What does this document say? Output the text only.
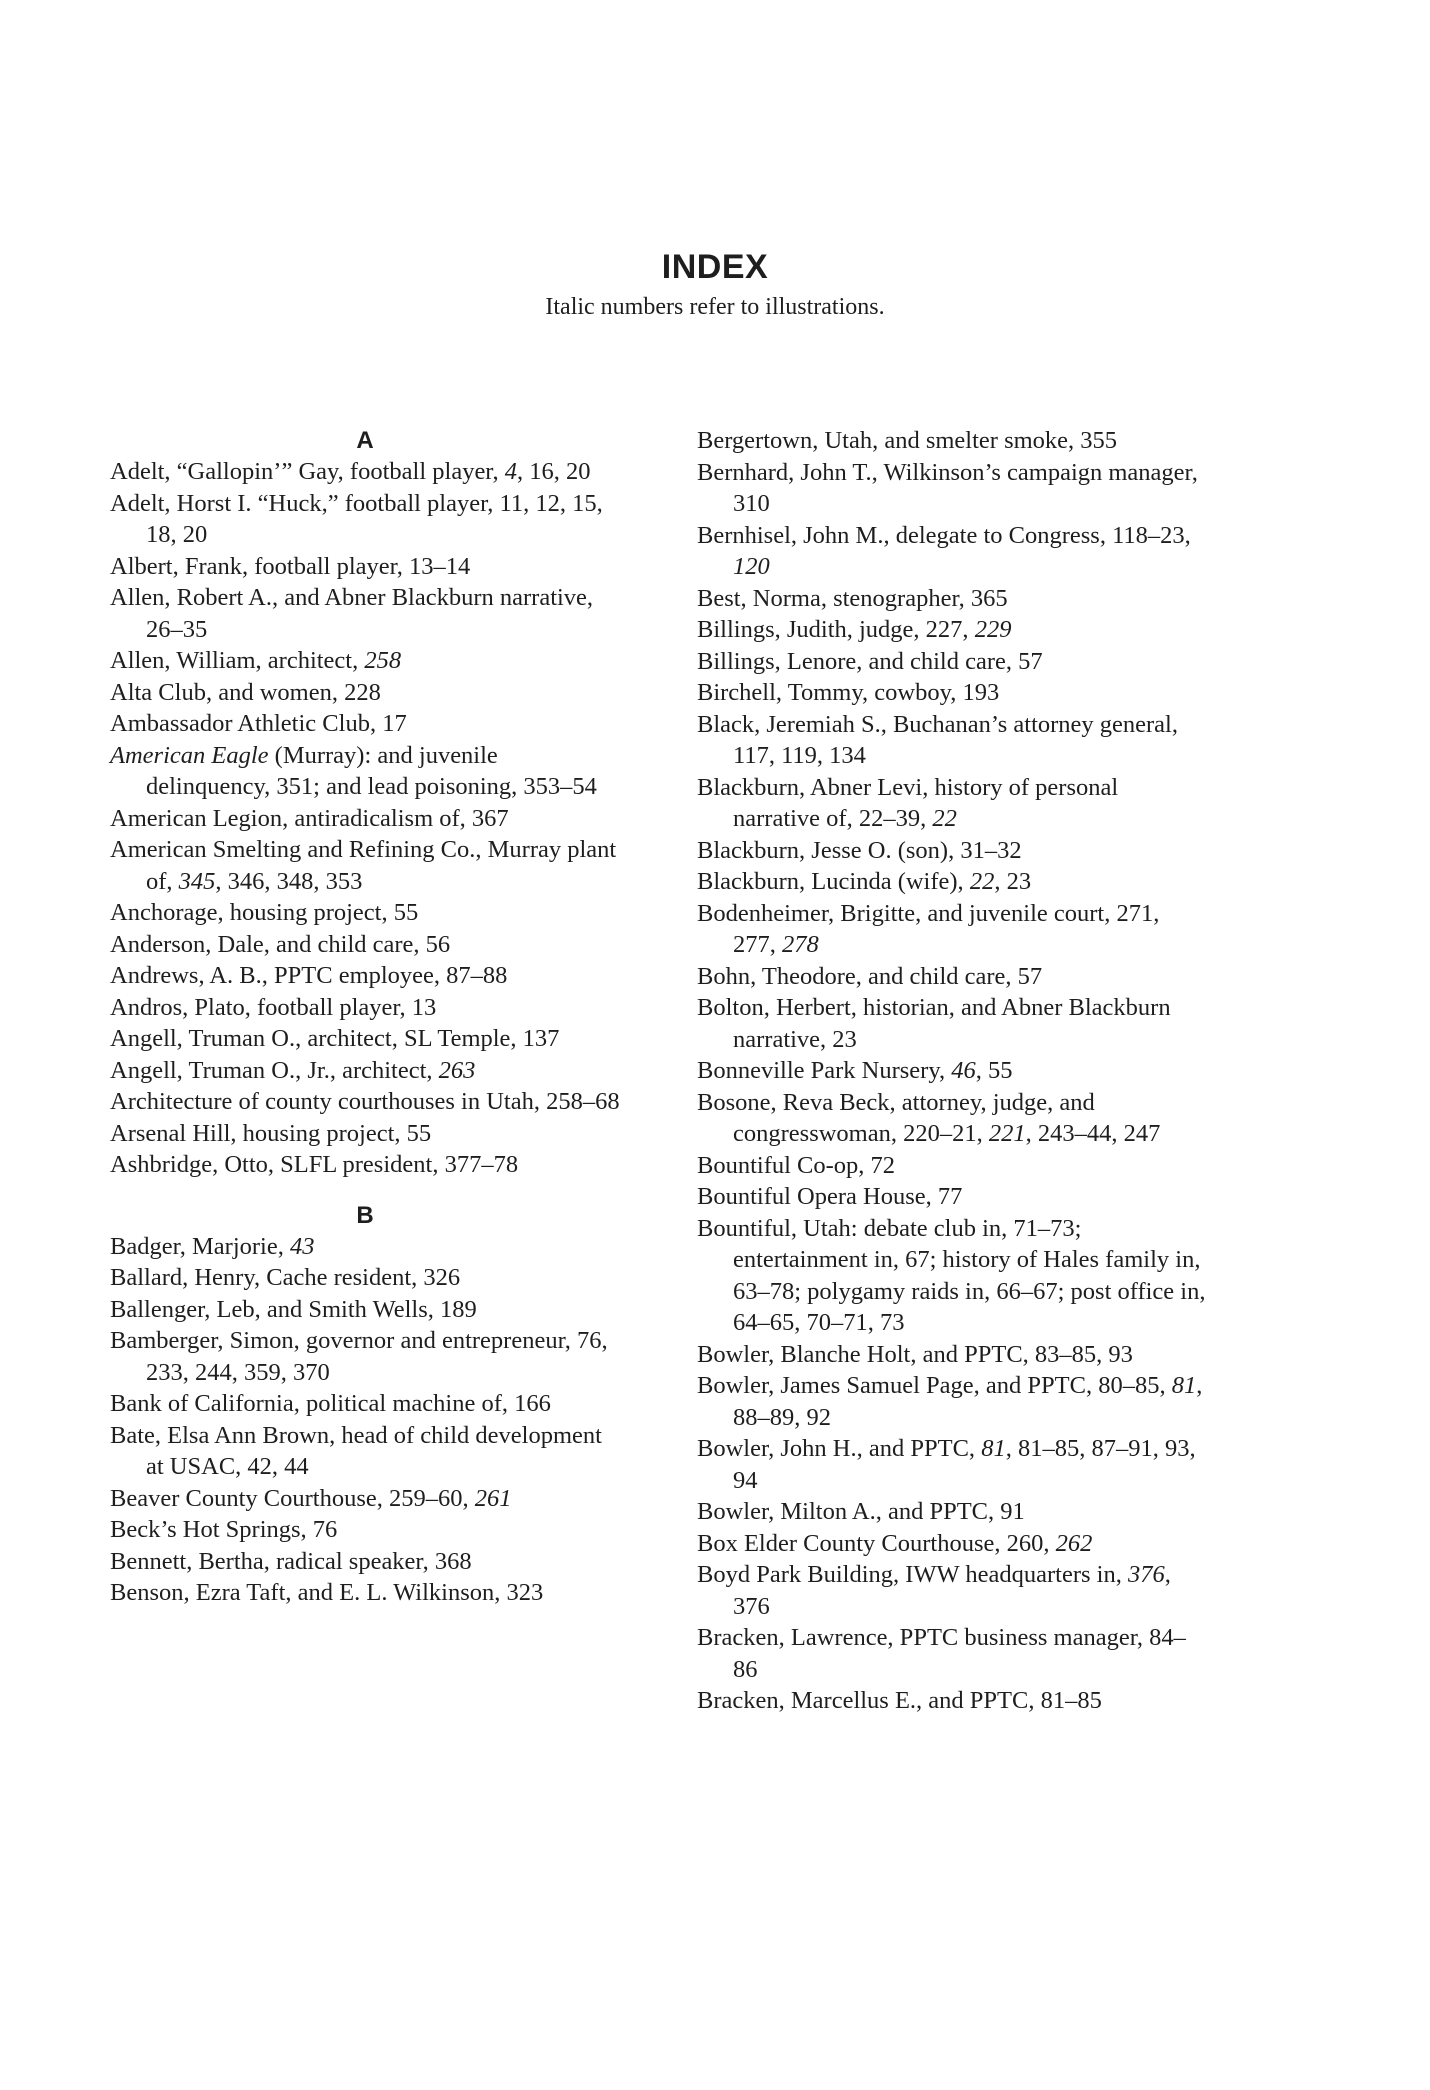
INDEX
Italic numbers refer to illustrations.
A

Adelt, “Gallopin’” Gay, football player, 4, 16, 20

Adelt, Horst I. “Huck,” football player, 11, 12, 15, 18, 20

Albert, Frank, football player, 13–14

Allen, Robert A., and Abner Blackburn narrative, 26–35

Allen, William, architect, 258

Alta Club, and women, 228

Ambassador Athletic Club, 17

American Eagle (Murray): and juvenile delinquency, 351; and lead poisoning, 353–54

American Legion, antiradicalism of, 367

American Smelting and Refining Co., Murray plant of, 345, 346, 348, 353

Anchorage, housing project, 55

Anderson, Dale, and child care, 56

Andrews, A. B., PPTC employee, 87–88

Andros, Plato, football player, 13

Angell, Truman O., architect, SL Temple, 137

Angell, Truman O., Jr., architect, 263

Architecture of county courthouses in Utah, 258–68

Arsenal Hill, housing project, 55

Ashbridge, Otto, SLFL president, 377–78

B

Badger, Marjorie, 43

Ballard, Henry, Cache resident, 326

Ballenger, Leb, and Smith Wells, 189

Bamberger, Simon, governor and entrepreneur, 76, 233, 244, 359, 370

Bank of California, political machine of, 166

Bate, Elsa Ann Brown, head of child development at USAC, 42, 44

Beaver County Courthouse, 259–60, 261

Beck’s Hot Springs, 76

Bennett, Bertha, radical speaker, 368

Benson, Ezra Taft, and E. L. Wilkinson, 323

Bergertown, Utah, and smelter smoke, 355

Bernhard, John T., Wilkinson’s campaign manager, 310

Bernhisel, John M., delegate to Congress, 118–23, 120

Best, Norma, stenographer, 365

Billings, Judith, judge, 227, 229

Billings, Lenore, and child care, 57

Birchell, Tommy, cowboy, 193

Black, Jeremiah S., Buchanan’s attorney general, 117, 119, 134

Blackburn, Abner Levi, history of personal narrative of, 22–39, 22

Blackburn, Jesse O. (son), 31–32

Blackburn, Lucinda (wife), 22, 23

Bodenheimer, Brigitte, and juvenile court, 271, 277, 278

Bohn, Theodore, and child care, 57

Bolton, Herbert, historian, and Abner Blackburn narrative, 23

Bonneville Park Nursery, 46, 55

Bosone, Reva Beck, attorney, judge, and congresswoman, 220–21, 221, 243–44, 247

Bountiful Co-op, 72

Bountiful Opera House, 77

Bountiful, Utah: debate club in, 71–73; entertainment in, 67; history of Hales family in, 63–78; polygamy raids in, 66–67; post office in, 64–65, 70–71, 73

Bowler, Blanche Holt, and PPTC, 83–85, 93

Bowler, James Samuel Page, and PPTC, 80–85, 81, 88–89, 92

Bowler, John H., and PPTC, 81, 81–85, 87–91, 93, 94

Bowler, Milton A., and PPTC, 91

Box Elder County Courthouse, 260, 262

Boyd Park Building, IWW headquarters in, 376, 376

Bracken, Lawrence, PPTC business manager, 84–86

Bracken, Marcellus E., and PPTC, 81–85
